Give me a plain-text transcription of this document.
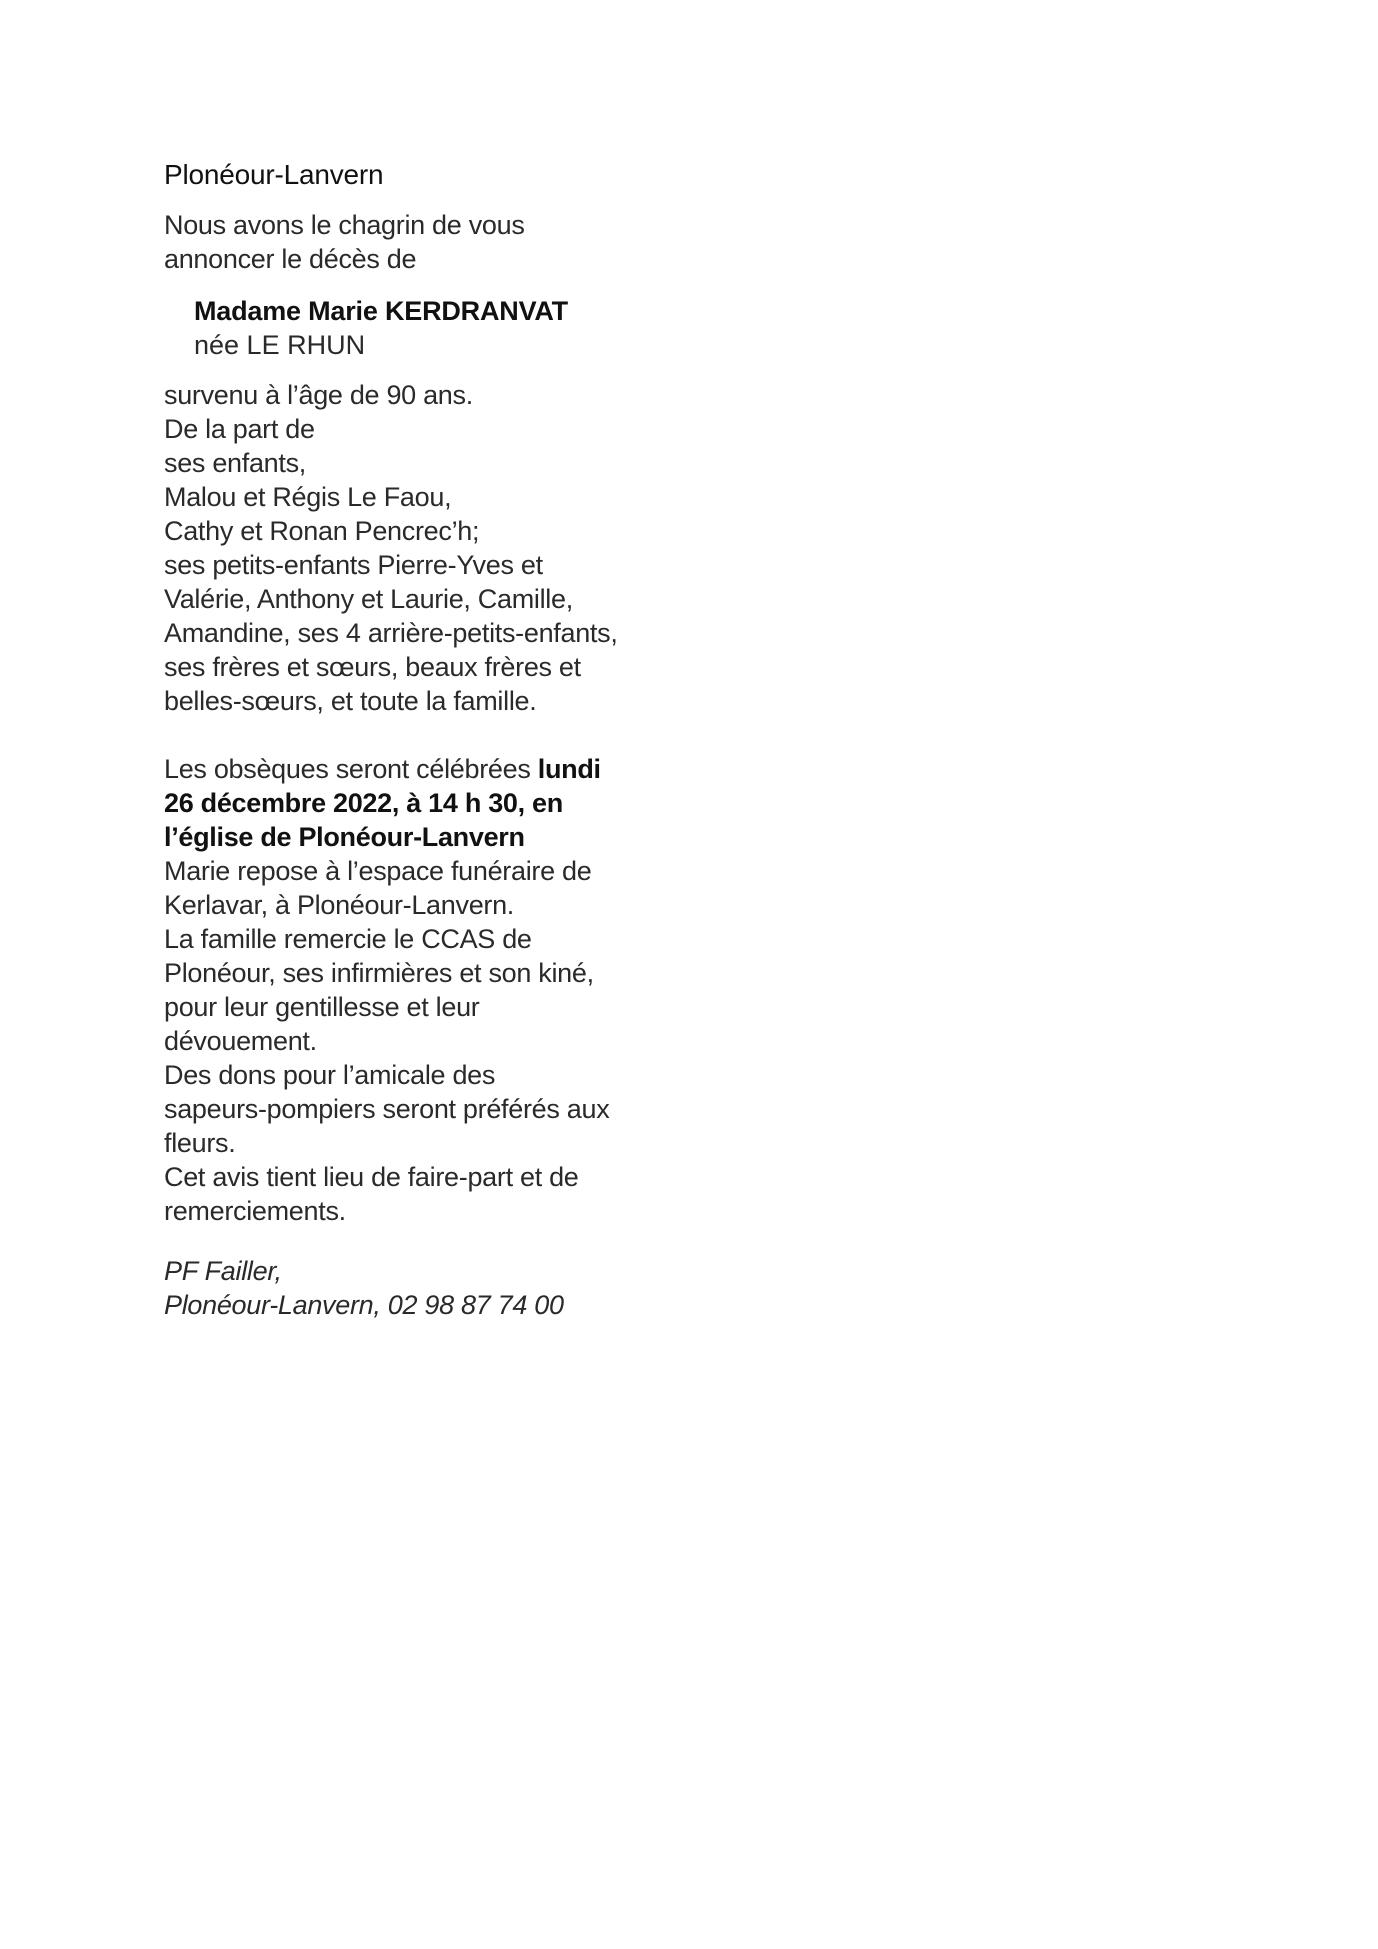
Plonéour-Lanvern
Nous avons le chagrin de vous
annoncer le décès de
Madame Marie KERDRANVAT
née LE RHUN
survenu à l’âge de 90 ans.
De la part de
ses enfants,
Malou et Régis Le Faou,
Cathy et Ronan Pencrec’h;
ses petits-enfants Pierre-Yves et
Valérie, Anthony et Laurie, Camille,
Amandine, ses 4 arrière-petits-enfants,
ses frères et sœurs, beaux frères et
belles-sœurs, et toute la famille.
Les obsèques seront célébrées lundi
26 décembre 2022, à 14 h 30, en
l’église de Plonéour-Lanvern
Marie repose à l’espace funéraire de
Kerlavar, à Plonéour-Lanvern.
La famille remercie le CCAS de
Plonéour, ses infirmières et son kiné,
pour leur gentillesse et leur
dévouement.
Des dons pour l’amicale des
sapeurs-pompiers seront préférés aux
fleurs.
Cet avis tient lieu de faire-part et de
remerciements.
PF Failler,
Plonéour-Lanvern, 02 98 87 74 00
